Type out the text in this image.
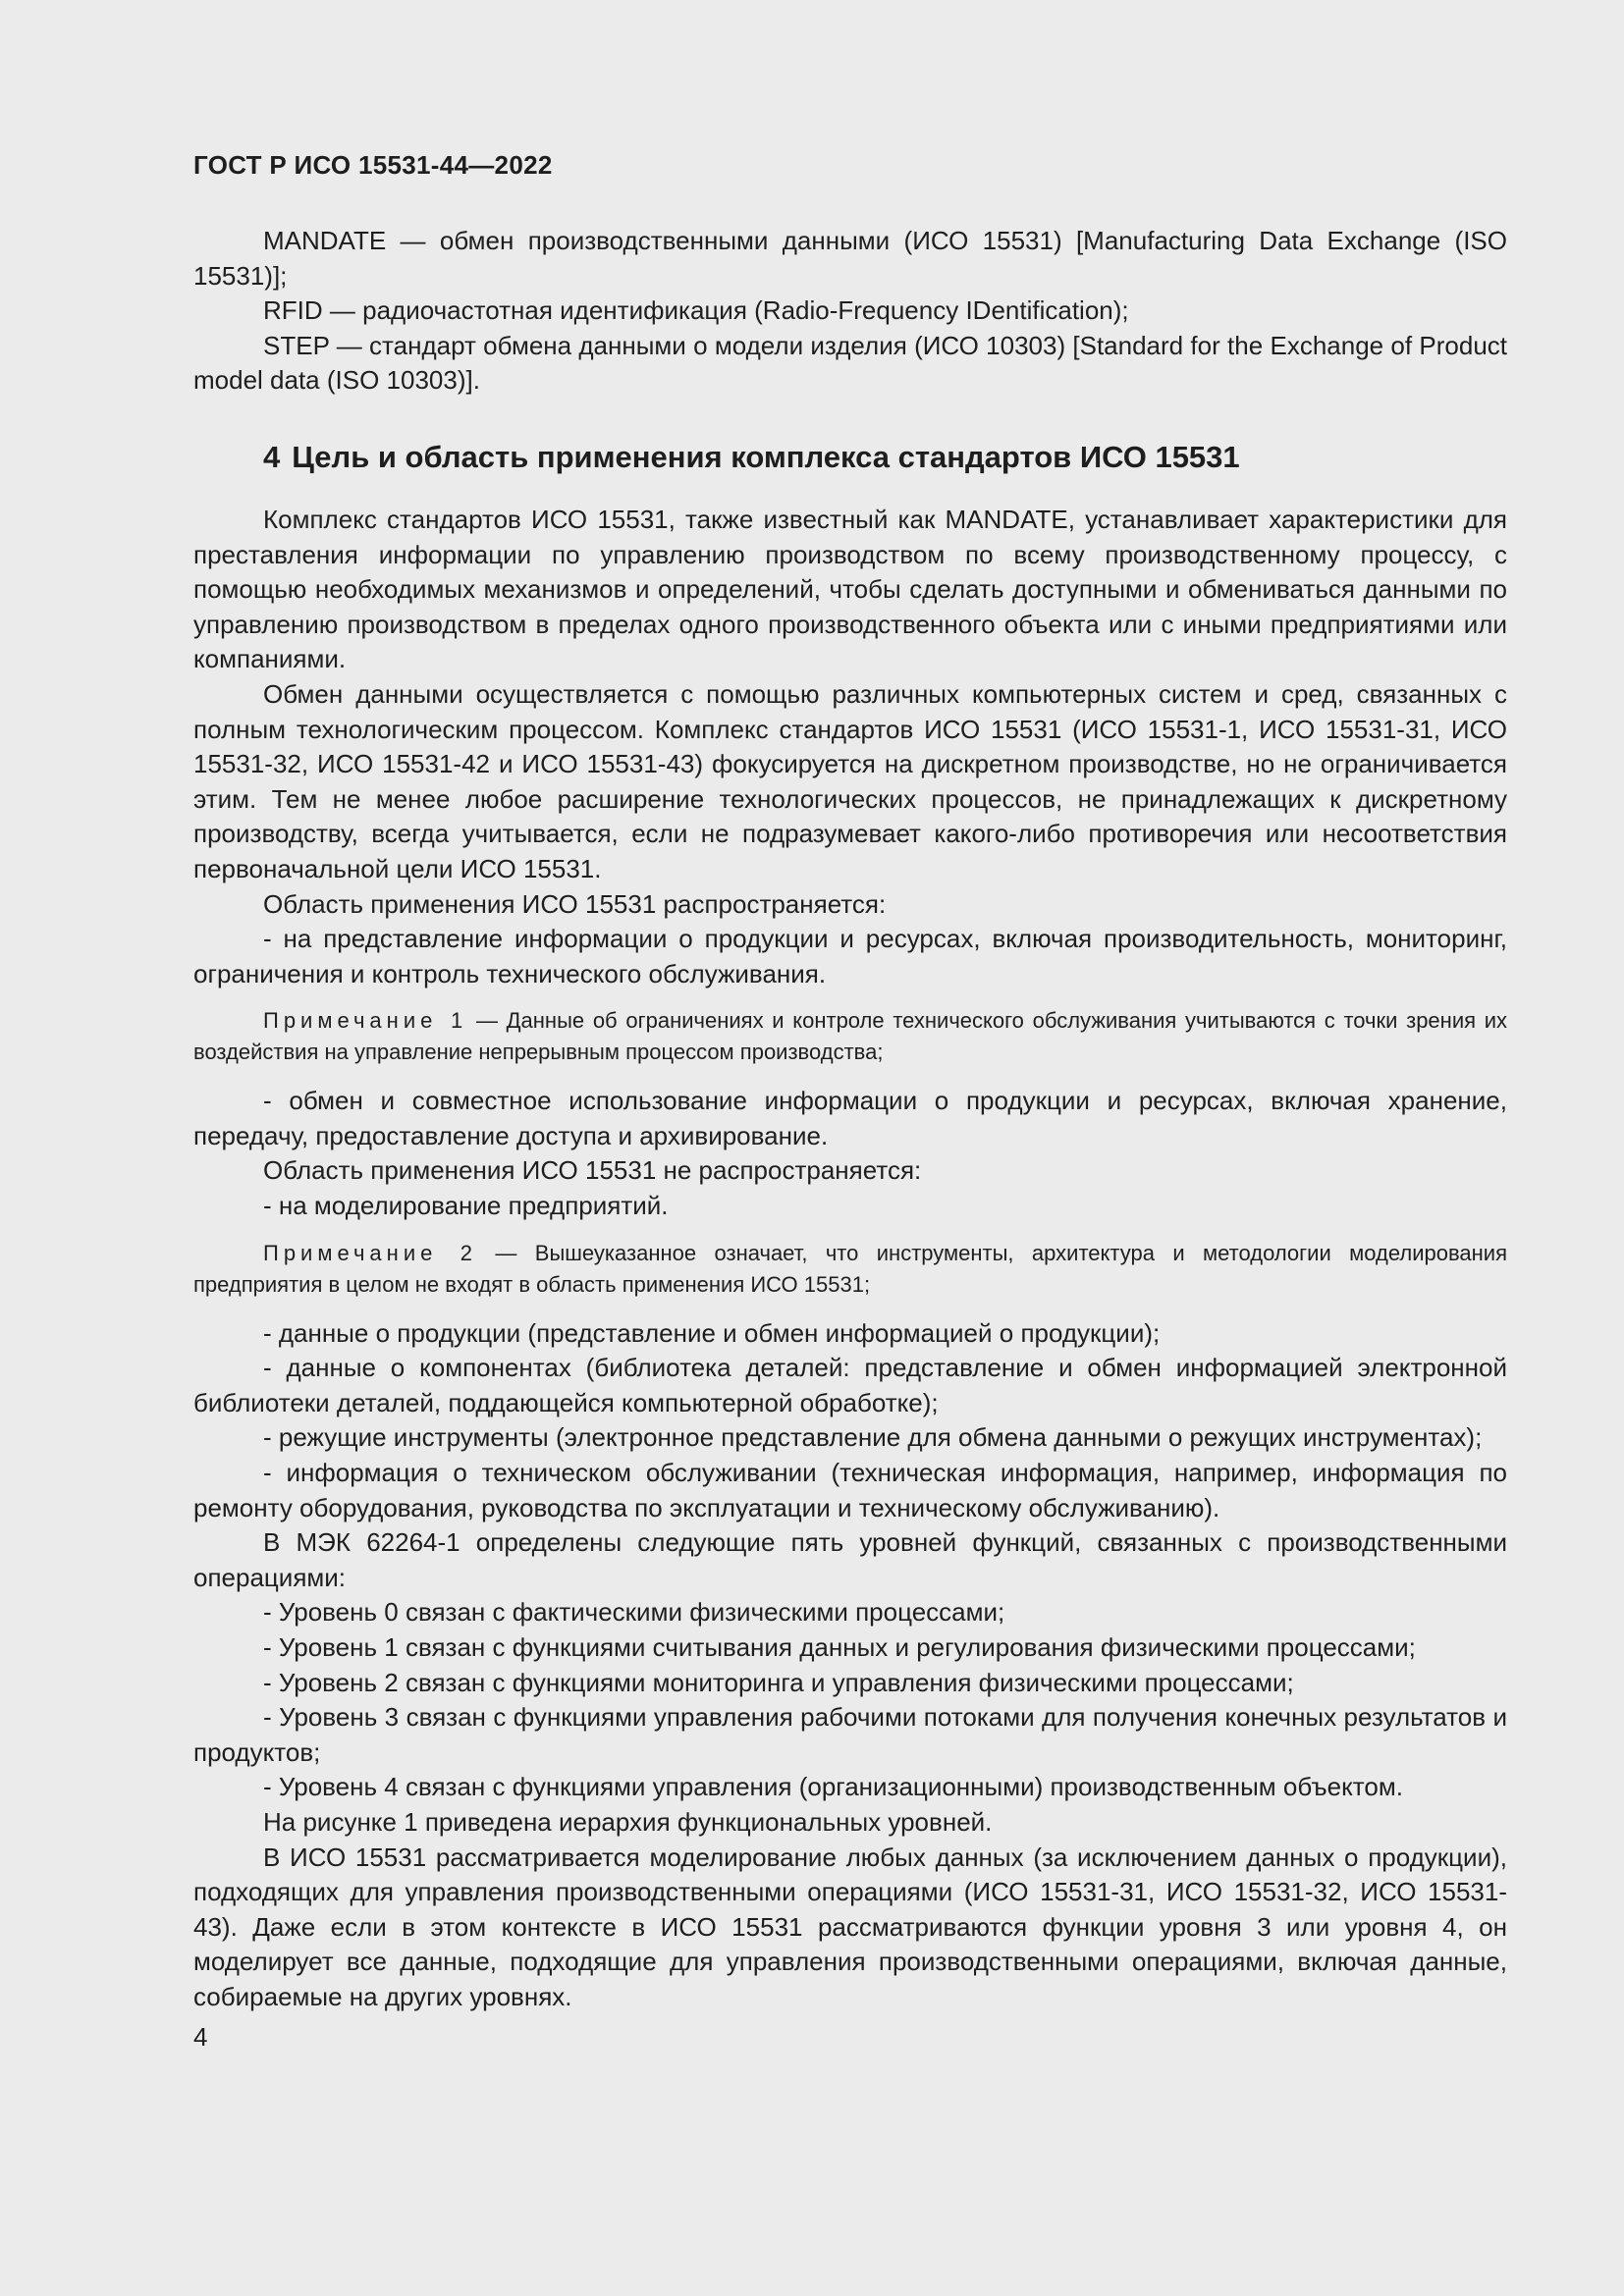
ГОСТ Р ИСО 15531-44—2022

MANDATE — обмен производственными данными (ИСО 15531) [Manufacturing Data Exchange (ISO 15531)];

RFID — радиочастотная идентификация (Radio-Frequency IDentification);

STEP — стандарт обмена данными о модели изделия (ИСО 10303) [Standard for the Exchange of Product model data (ISO 10303)].

4 Цель и область применения комплекса стандартов ИСО 15531

Комплекс стандартов ИСО 15531, также известный как MANDATE, устанавливает характеристики для преставления информации по управлению производством по всему производственному процессу, с помощью необходимых механизмов и определений, чтобы сделать доступными и обмениваться данными по управлению производством в пределах одного производственного объекта или с иными предприятиями или компаниями.

Обмен данными осуществляется с помощью различных компьютерных систем и сред, связанных с полным технологическим процессом. Комплекс стандартов ИСО 15531 (ИСО 15531-1, ИСО 15531-31, ИСО 15531-32, ИСО 15531-42 и ИСО 15531-43) фокусируется на дискретном производстве, но не ограничивается этим. Тем не менее любое расширение технологических процессов, не принадлежащих к дискретному производству, всегда учитывается, если не подразумевает какого-либо противоречия или несоответствия первоначальной цели ИСО 15531.

Область применения ИСО 15531 распространяется:

- на представление информации о продукции и ресурсах, включая производительность, мониторинг, ограничения и контроль технического обслуживания.

Примечание 1 — Данные об ограничениях и контроле технического обслуживания учитываются с точки зрения их воздействия на управление непрерывным процессом производства;

- обмен и совместное использование информации о продукции и ресурсах, включая хранение, передачу, предоставление доступа и архивирование.

Область применения ИСО 15531 не распространяется:

- на моделирование предприятий.

Примечание 2 — Вышеуказанное означает, что инструменты, архитектура и методологии моделирования предприятия в целом не входят в область применения ИСО 15531;

- данные о продукции (представление и обмен информацией о продукции);

- данные о компонентах (библиотека деталей: представление и обмен информацией электронной библиотеки деталей, поддающейся компьютерной обработке);

- режущие инструменты (электронное представление для обмена данными о режущих инструментах);

- информация о техническом обслуживании (техническая информация, например, информация по ремонту оборудования, руководства по эксплуатации и техническому обслуживанию).

В МЭК 62264-1 определены следующие пять уровней функций, связанных с производственными операциями:

- Уровень 0 связан с фактическими физическими процессами;

- Уровень 1 связан с функциями считывания данных и регулирования физическими процессами;

- Уровень 2 связан с функциями мониторинга и управления физическими процессами;

- Уровень 3 связан с функциями управления рабочими потоками для получения конечных результатов и продуктов;

- Уровень 4 связан с функциями управления (организационными) производственным объектом.

На рисунке 1 приведена иерархия функциональных уровней.

В ИСО 15531 рассматривается моделирование любых данных (за исключением данных о продукции), подходящих для управления производственными операциями (ИСО 15531-31, ИСО 15531-32, ИСО 15531-43). Даже если в этом контексте в ИСО 15531 рассматриваются функции уровня 3 или уровня 4, он моделирует все данные, подходящие для управления производственными операциями, включая данные, собираемые на других уровнях.

4
